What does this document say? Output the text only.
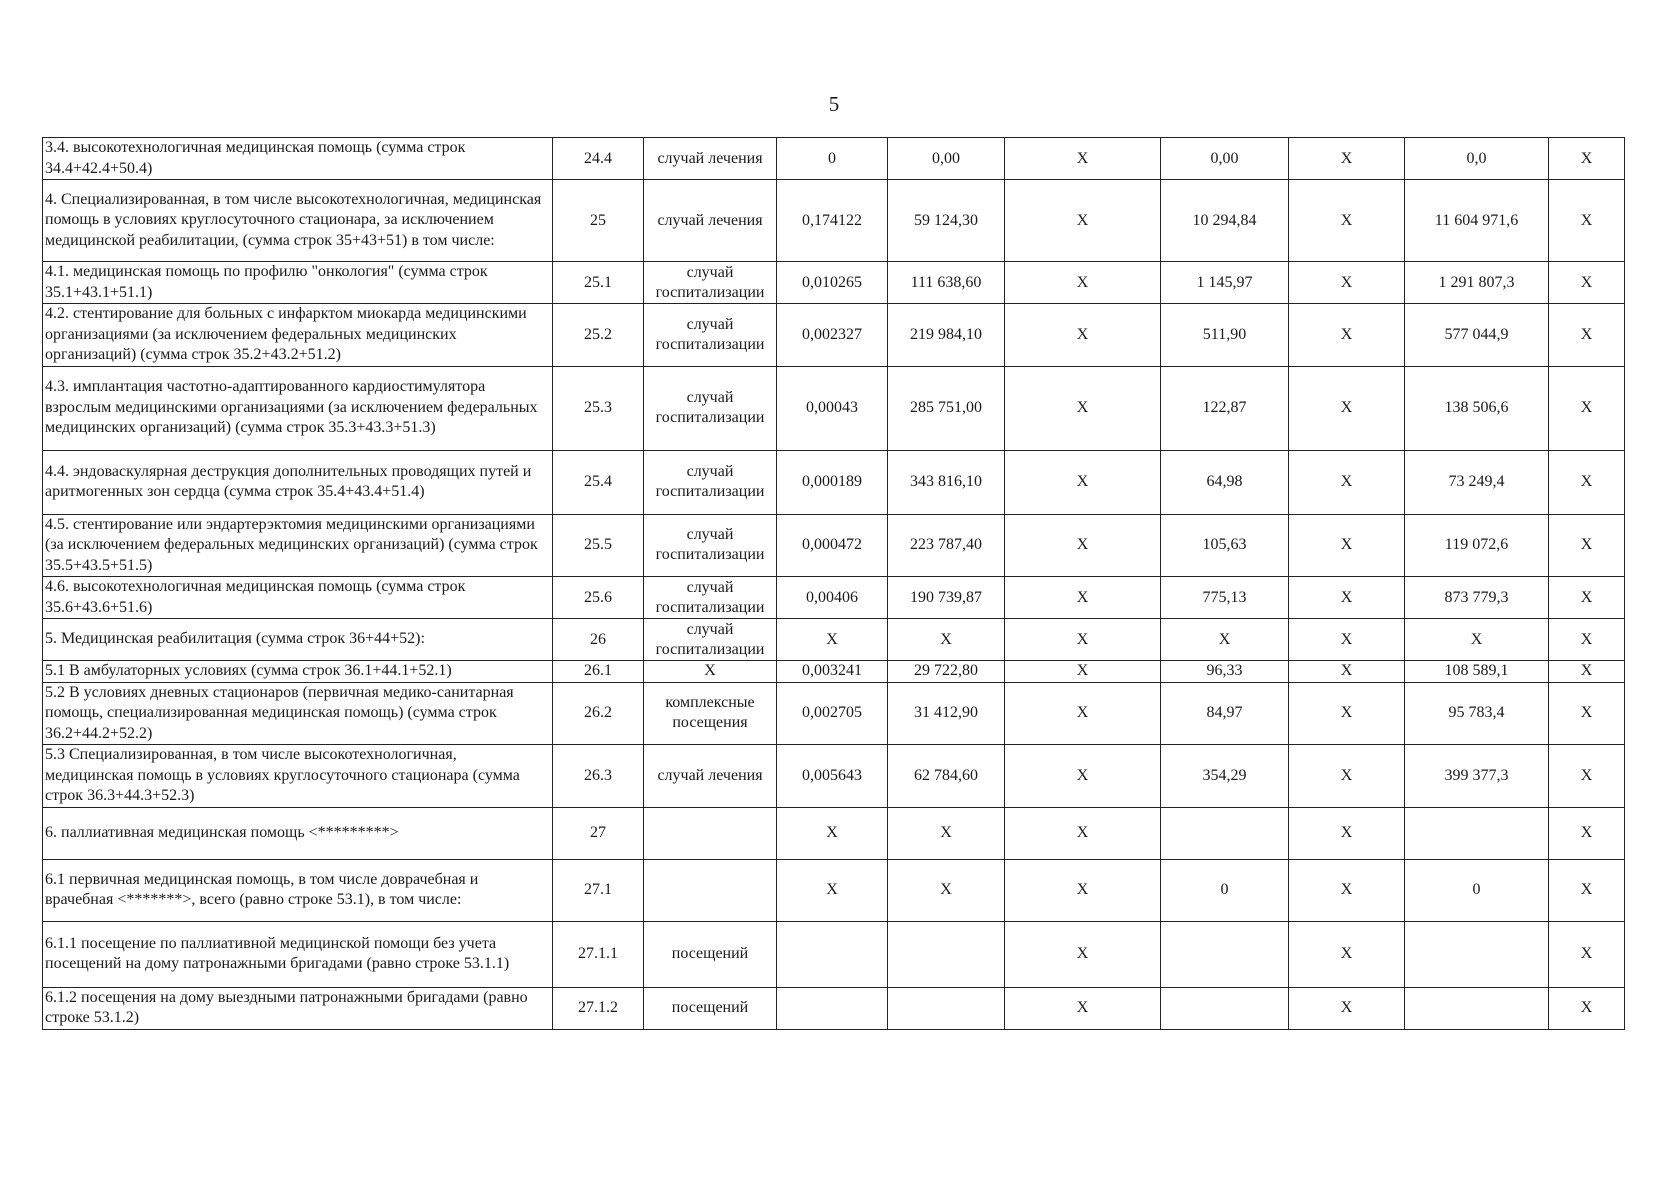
5
3.4. высокотехнологичная медицинская помощь (сумма строк 34.4+42.4+50.4)	24.4	случай лечения	0	0,00	Х	0,00	Х	0,0	Х
4. Специализированная, в том числе высокотехнологичная, медицинская помощь в условиях круглосуточного стационара, за исключением медицинской реабилитации, (сумма строк 35+43+51) в том числе:	25	случай лечения	0,174122	59 124,30	Х	10 294,84	Х	11 604 971,6	Х
4.1. медицинская помощь по профилю "онкология" (сумма строк 35.1+43.1+51.1)	25.1	случай госпитализации	0,010265	111 638,60	Х	1 145,97	Х	1 291 807,3	Х
4.2. стентирование для больных с инфарктом миокарда медицинскими организациями (за исключением федеральных медицинских организаций) (сумма строк 35.2+43.2+51.2)	25.2	случай госпитализации	0,002327	219 984,10	Х	511,90	Х	577 044,9	Х
4.3. имплантация частотно-адаптированного кардиостимулятора взрослым медицинскими организациями (за исключением федеральных медицинских организаций) (сумма строк 35.3+43.3+51.3)	25.3	случай госпитализации	0,00043	285 751,00	Х	122,87	Х	138 506,6	Х
4.4. эндоваскулярная деструкция дополнительных проводящих путей и аритмогенных зон сердца (сумма строк 35.4+43.4+51.4)	25.4	случай госпитализации	0,000189	343 816,10	Х	64,98	Х	73 249,4	Х
4.5. стентирование или эндартерэктомия медицинскими организациями (за исключением федеральных медицинских организаций) (сумма строк 35.5+43.5+51.5)	25.5	случай госпитализации	0,000472	223 787,40	Х	105,63	Х	119 072,6	Х
4.6. высокотехнологичная медицинская помощь (сумма строк 35.6+43.6+51.6)	25.6	случай госпитализации	0,00406	190 739,87	Х	775,13	Х	873 779,3	Х
5. Медицинская реабилитация (сумма строк 36+44+52):	26	случай госпитализации	Х	Х	Х	Х	Х	Х	Х
5.1 В амбулаторных условиях (сумма строк 36.1+44.1+52.1)	26.1	Х	0,003241	29 722,80	Х	96,33	Х	108 589,1	Х
5.2 В условиях дневных стационаров (первичная медико-санитарная помощь, специализированная медицинская помощь) (сумма строк 36.2+44.2+52.2)	26.2	комплексные посещения	0,002705	31 412,90	Х	84,97	Х	95 783,4	Х
5.3 Специализированная, в том числе высокотехнологичная, медицинская помощь в условиях круглосуточного стационара (сумма строк 36.3+44.3+52.3)	26.3	случай лечения	0,005643	62 784,60	Х	354,29	Х	399 377,3	Х
6. паллиативная медицинская помощь <*********>	27		Х	Х	Х		Х		Х
6.1 первичная медицинская помощь, в том числе доврачебная и врачебная <*******>, всего (равно строке 53.1), в том числе:	27.1		Х	Х	Х	0	Х	0	Х
6.1.1 посещение по паллиативной медицинской помощи без учета посещений на дому патронажными бригадами (равно строке 53.1.1)	27.1.1	посещений			Х		Х		Х
6.1.2 посещения на дому выездными патронажными бригадами (равно строке 53.1.2)	27.1.2	посещений			Х		Х		Х
